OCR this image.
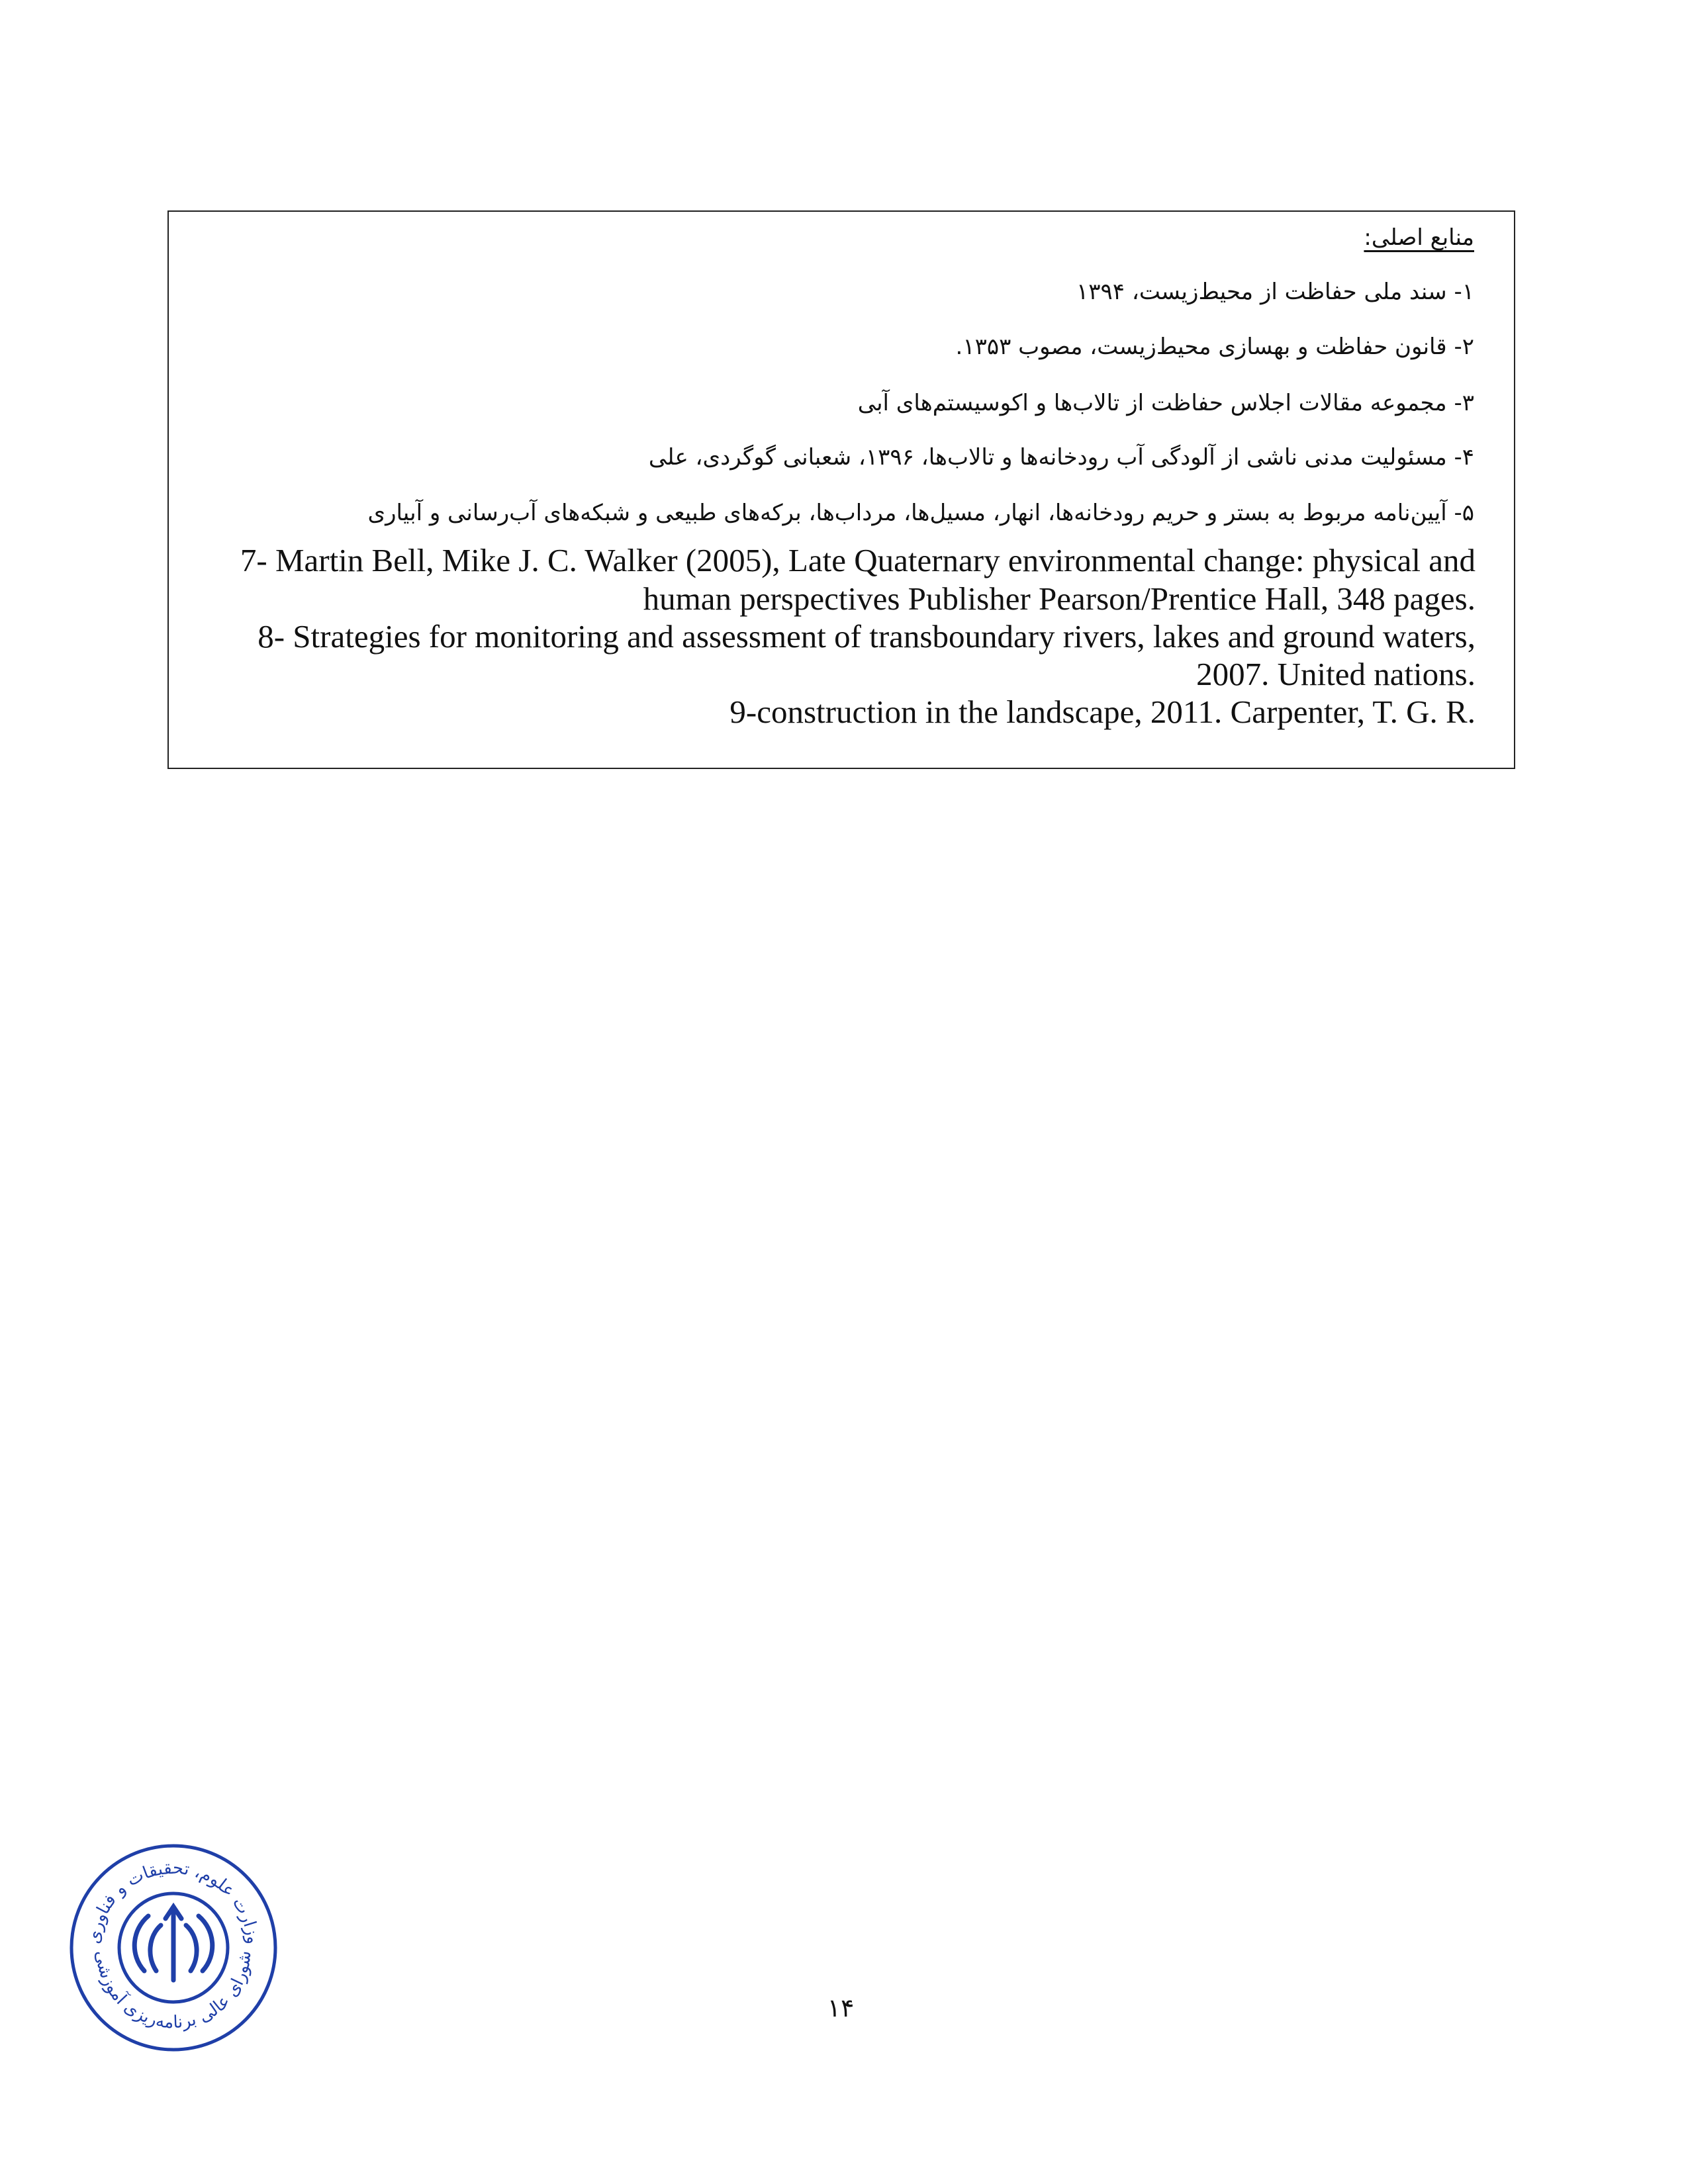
منابع اصلی:
۱- سند ملی حفاظت از محیط‌زیست، ۱۳۹۴
۲- قانون حفاظت و بهسازی محیط‌زیست، مصوب ۱۳۵۳.
۳- مجموعه مقالات اجلاس حفاظت از تالاب‌ها و اکوسیستم‌های آبی
۴- مسئولیت مدنی ناشی از آلودگی آب رودخانه‌ها و تالاب‌ها، ۱۳۹۶، شعبانی گوگردی، علی
۵- آیین‌نامه مربوط به بستر و حریم رودخانه‌ها، انهار، مسیل‌ها، مرداب‌ها، برکه‌های طبیعی و شبکه‌های آب‌رسانی و آبیاری
7- Martin Bell, Mike J. C. Walker (2005), Late Quaternary environmental change: physical and
human perspectives Publisher Pearson/Prentice Hall, 348 pages.
8- Strategies for monitoring and assessment of transboundary rivers, lakes and ground waters,
2007. United nations.
9-construction in the landscape, 2011. Carpenter, T. G. R.
وزارت علوم، تحقیقات و فناوری
شورای عالی برنامه‌ریزی آموزشی
۱۴
